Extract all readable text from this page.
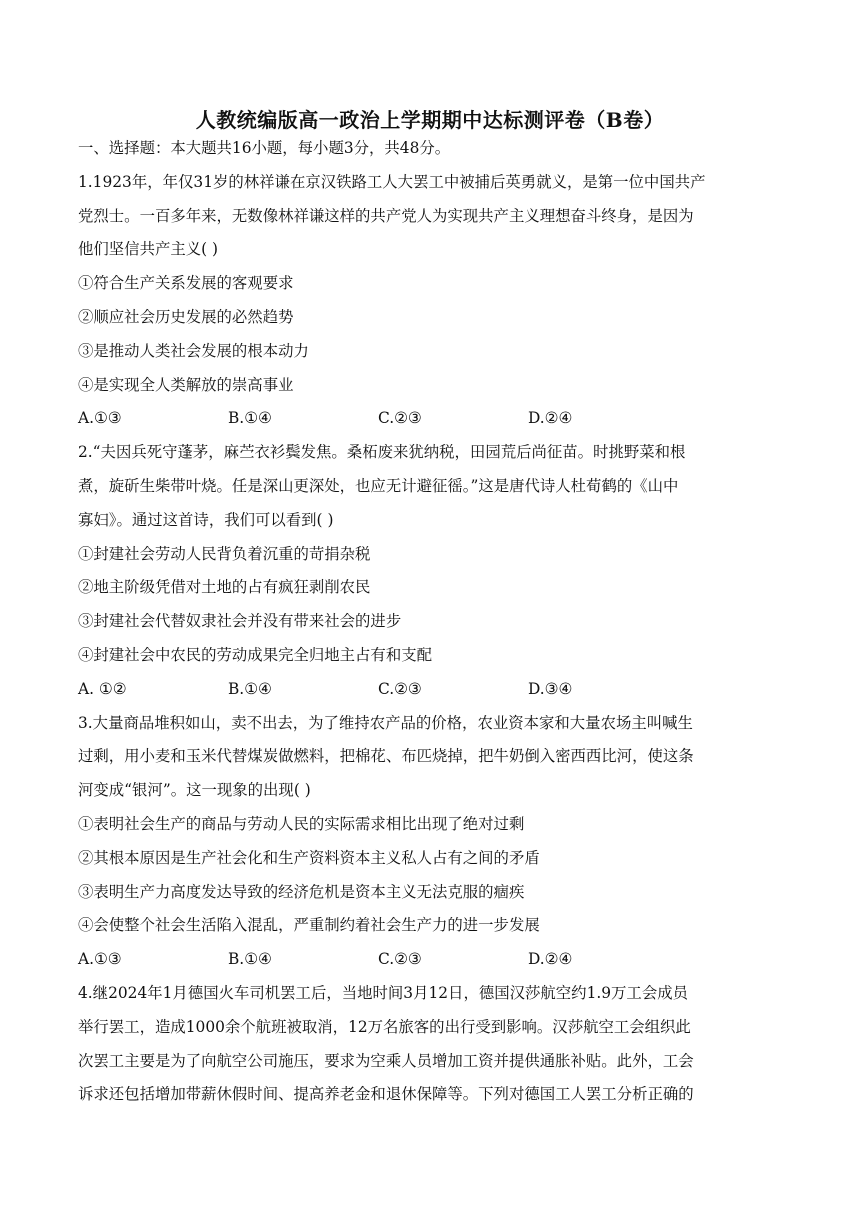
人教统编版高一政治上学期期中达标测评卷（B卷）
一、选择题：本大题共16小题，每小题3分，共48分。
1.1923年，年仅31岁的林祥谦在京汉铁路工人大罢工中被捕后英勇就义，是第一位中国共产
党烈士。一百多年来，无数像林祥谦这样的共产党人为实现共产主义理想奋斗终身，是因为
他们坚信共产主义( )
①符合生产关系发展的客观要求
②顺应社会历史发展的必然趋势
③是推动人类社会发展的根本动力
④是实现全人类解放的崇高事业
A.①③	B.①④	C.②③	D.②④
2.“夫因兵死守蓬茅，麻苎衣衫鬓发焦。桑柘废来犹纳税，田园荒后尚征苗。时挑野菜和根
煮，旋斫生柴带叶烧。任是深山更深处，也应无计避征徭。”这是唐代诗人杜荀鹤的《山中
寡妇》。通过这首诗，我们可以看到( )
①封建社会劳动人民背负着沉重的苛捐杂税
②地主阶级凭借对土地的占有疯狂剥削农民
③封建社会代替奴隶社会并没有带来社会的进步
④封建社会中农民的劳动成果完全归地主占有和支配
A. ①②	B.①④	C.②③	D.③④
3.大量商品堆积如山，卖不出去，为了维持农产品的价格，农业资本家和大量农场主叫喊生
过剩，用小麦和玉米代替煤炭做燃料，把棉花、布匹烧掉，把牛奶倒入密西西比河，使这条
河变成“银河”。这一现象的出现( )
①表明社会生产的商品与劳动人民的实际需求相比出现了绝对过剩
②其根本原因是生产社会化和生产资料资本主义私人占有之间的矛盾
③表明生产力高度发达导致的经济危机是资本主义无法克服的痼疾
④会使整个社会生活陷入混乱，严重制约着社会生产力的进一步发展
A.①③	B.①④	C.②③	D.②④
4.继2024年1月德国火车司机罢工后，当地时间3月12日，德国汉莎航空约1.9万工会成员
举行罢工，造成1000余个航班被取消，12万名旅客的出行受到影响。汉莎航空工会组织此
次罢工主要是为了向航空公司施压，要求为空乘人员增加工资并提供通胀补贴。此外，工会
诉求还包括增加带薪休假时间、提高养老金和退休保障等。下列对德国工人罢工分析正确的
